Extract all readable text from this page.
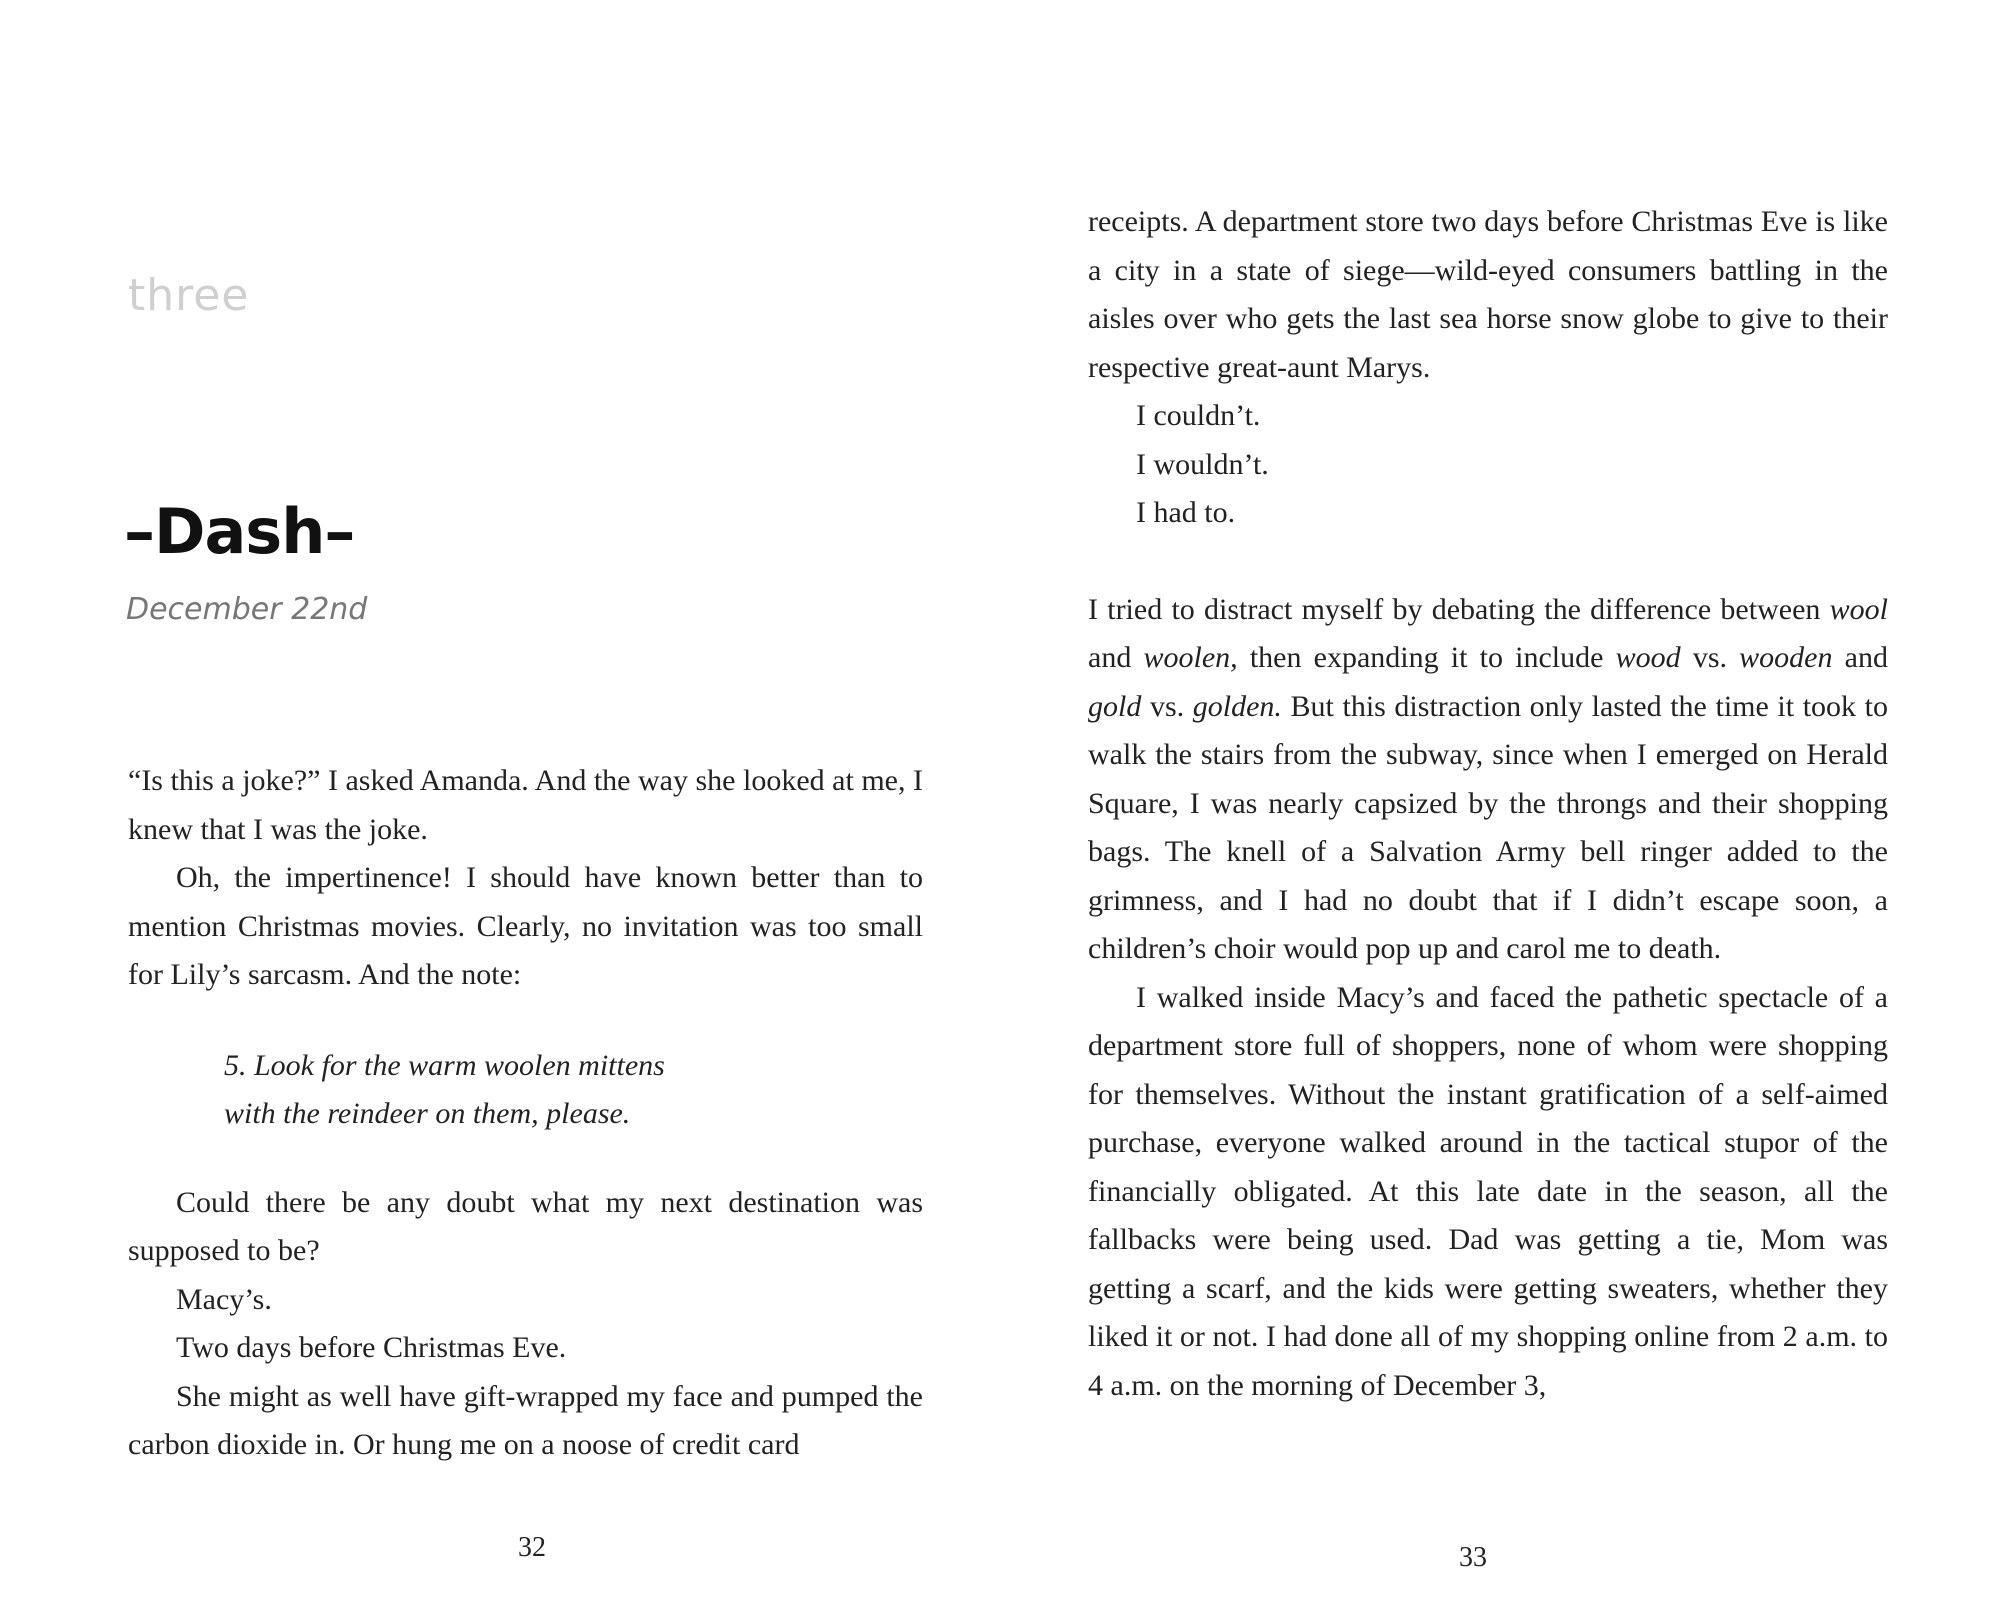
three
–Dash–
December 22nd

“Is this a joke?” I asked Amanda. And the way she looked at me, I knew that I was the joke.

Oh, the impertinence! I should have known better than to mention Christmas movies. Clearly, no invitation was too small for Lily’s sarcasm. And the note:

5. Look for the warm woolen mittens

with the reindeer on them, please.

Could there be any doubt what my next destination was supposed to be?

Macy’s.

Two days before Christmas Eve.

She might as well have gift-wrapped my face and pumped the carbon dioxide in. Or hung me on a noose of credit card

32

receipts. A department store two days before Christmas Eve is like a city in a state of siege—wild-eyed consumers battling in the aisles over who gets the last sea horse snow globe to give to their respective great-aunt Marys.

I couldn’t.

I wouldn’t.

I had to.

I tried to distract myself by debating the difference between wool and woolen, then expanding it to include wood vs. wooden and gold vs. golden. But this distraction only lasted the time it took to walk the stairs from the subway, since when I emerged on Herald Square, I was nearly capsized by the throngs and their shopping bags. The knell of a Salvation Army bell ringer added to the grimness, and I had no doubt that if I didn’t escape soon, a children’s choir would pop up and carol me to death.

I walked inside Macy’s and faced the pathetic spectacle of a department store full of shoppers, none of whom were shopping for themselves. Without the instant gratification of a self-aimed purchase, everyone walked around in the tactical stupor of the financially obligated. At this late date in the season, all the fallbacks were being used. Dad was getting a tie, Mom was getting a scarf, and the kids were getting sweaters, whether they liked it or not. I had done all of my shopping online from 2 a.m. to 4 a.m. on the morning of December 3,

33
